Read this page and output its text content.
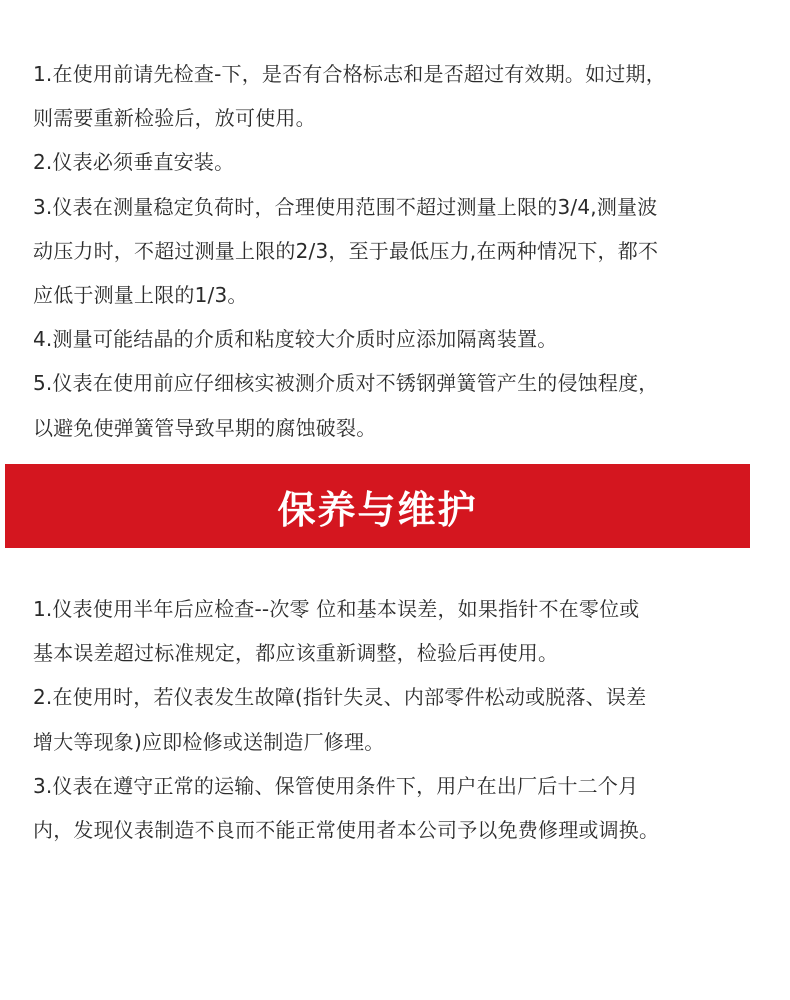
1.在使用前请先检查-下，是否有合格标志和是否超过有效期。如过期，
则需要重新检验后，放可使用。
2.仪表必须垂直安装。
3.仪表在测量稳定负荷时，合理使用范围不超过测量上限的3/4,测量波
动压力时，不超过测量上限的2/3，至于最低压力,在两种情况下，都不
应低于测量上限的1/3。
4.测量可能结晶的介质和粘度较大介质时应添加隔离装置。
5.仪表在使用前应仔细核实被测介质对不锈钢弹簧管产生的侵蚀程度，
以避免使弹簧管导致早期的腐蚀破裂。
保养与维护
1.仪表使用半年后应检查--次零 位和基本误差，如果指针不在零位或
基本误差超过标准规定，都应该重新调整，检验后再使用。
2.在使用时，若仪表发生故障(指针失灵、内部零件松动或脱落、误差
增大等现象)应即检修或送制造厂修理。
3.仪表在遵守正常的运输、保管使用条件下，用户在出厂后十二个月
内，发现仪表制造不良而不能正常使用者本公司予以免费修理或调换。
